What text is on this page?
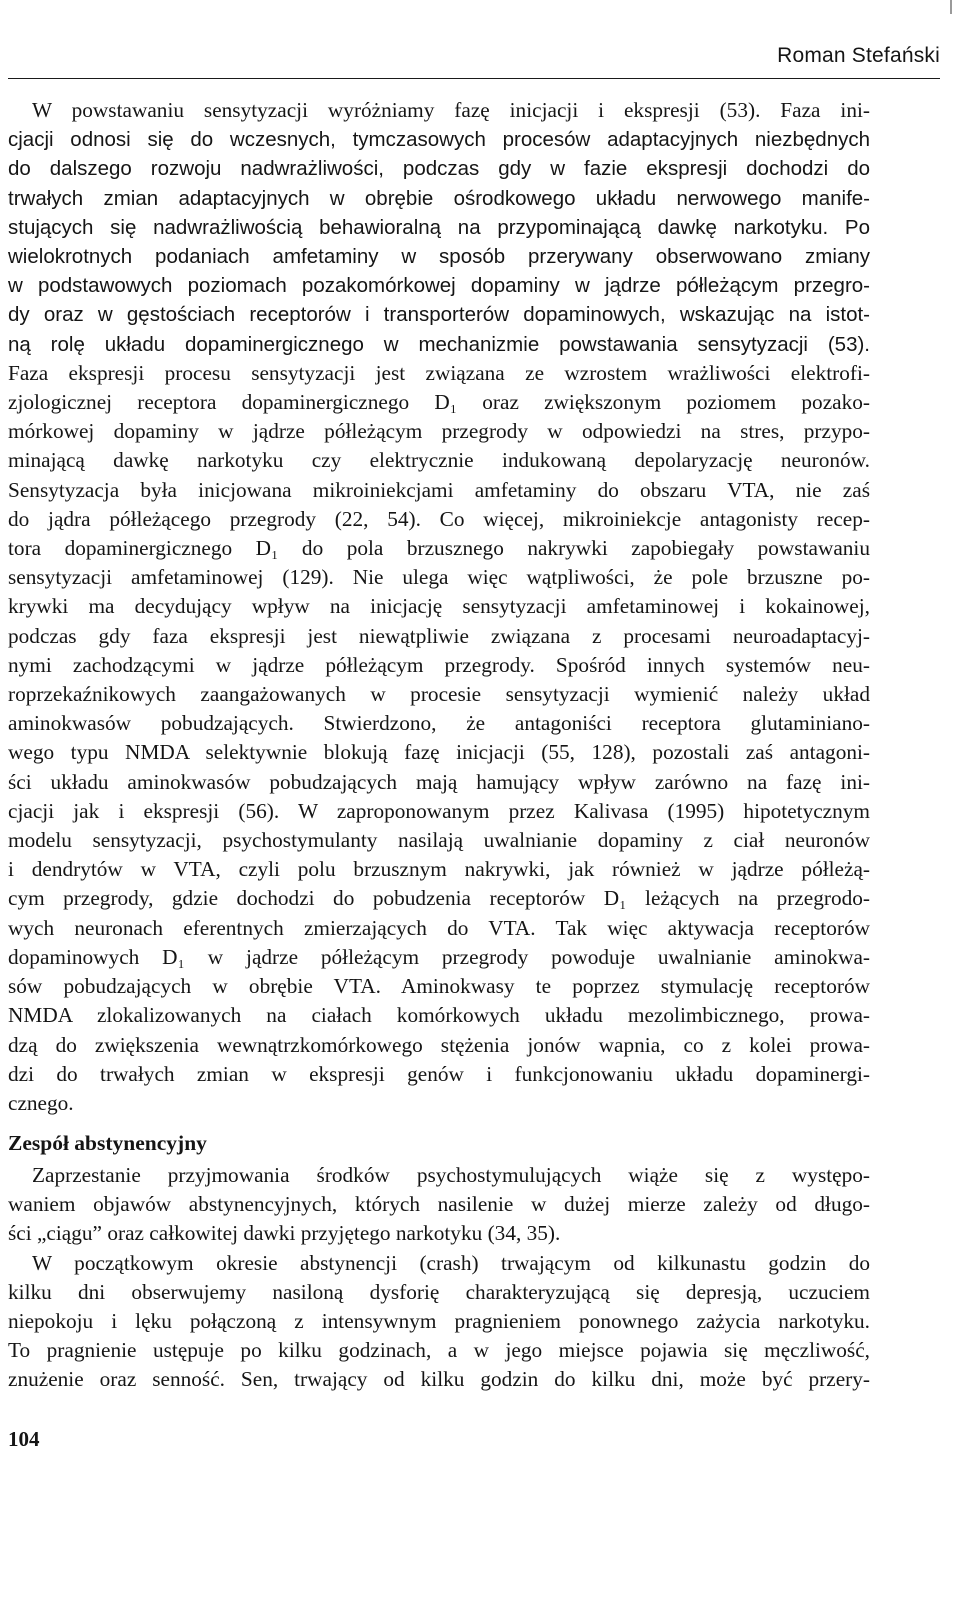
Roman Stefański
W powstawaniu sensytyzacji wyróżniamy fazę inicjacji i ekspresji (53). Faza ini-
cjacji odnosi się do wczesnych, tymczasowych procesów adaptacyjnych niezbędnych
do dalszego rozwoju nadwrażliwości, podczas gdy w fazie ekspresji dochodzi do
trwałych zmian adaptacyjnych w obrębie ośrodkowego układu nerwowego manife-
stujących się nadwrażliwością behawioralną na przypominającą dawkę narkotyku. Po
wielokrotnych podaniach amfetaminy w sposób przerywany obserwowano zmiany
w podstawowych poziomach pozakomórkowej dopaminy w jądrze półleżącym przegro-
dy oraz w gęstościach receptorów i transporterów dopaminowych, wskazując na istot-
ną rolę układu dopaminergicznego w mechanizmie powstawania sensytyzacji (53).
Faza ekspresji procesu sensytyzacji jest związana ze wzrostem wrażliwości elektrofi-
zjologicznej receptora dopaminergicznego D₁ oraz zwiększonym poziomem pozako-
mórkowej dopaminy w jądrze półleżącym przegrody w odpowiedzi na stres, przypo-
minającą dawkę narkotyku czy elektrycznie indukowaną depolaryzację neuronów.
Sensytyzacja była inicjowana mikroiniekcjami amfetaminy do obszaru VTA, nie zaś
do jądra półleżącego przegrody (22, 54). Co więcej, mikroiniekcje antagonisty recep-
tora dopaminergicznego D₁ do pola brzusznego nakrywki zapobiegały powstawaniu
sensytyzacji amfetaminowej (129). Nie ulega więc wątpliwości, że pole brzuszne po-
krywki ma decydujący wpływ na inicjację sensytyzacji amfetaminowej i kokainowej,
podczas gdy faza ekspresji jest niewątpliwie związana z procesami neuroadaptacyj-
nymi zachodzącymi w jądrze półleżącym przegrody. Spośród innych systemów neu-
roprzekaźnikowych zaangażowanych w procesie sensytyzacji wymienić należy układ
aminokwasów pobudzających. Stwierdzono, że antagoniści receptora glutaminiano-
wego typu NMDA selektywnie blokują fazę inicjacji (55, 128), pozostali zaś antagoni-
ści układu aminokwasów pobudzających mają hamujący wpływ zarówno na fazę ini-
cjacji jak i ekspresji (56). W zaproponowanym przez Kalivasa (1995) hipotetycznym
modelu sensytyzacji, psychostymulanty nasilają uwalnianie dopaminy z ciał neuronów
i dendrytów w VTA, czyli polu brzusznym nakrywki, jak również w jądrze półleżą-
cym przegrody, gdzie dochodzi do pobudzenia receptorów D₁ leżących na przegrodo-
wych neuronach eferentnych zmierzających do VTA. Tak więc aktywacja receptorów
dopaminowych D₁ w jądrze półleżącym przegrody powoduje uwalnianie aminokwa-
sów pobudzających w obrębie VTA. Aminokwasy te poprzez stymulację receptorów
NMDA zlokalizowanych na ciałach komórkowych układu mezolimbicznego, prowa-
dzą do zwiększenia wewnątrzkomórkowego stężenia jonów wapnia, co z kolei prowa-
dzi do trwałych zmian w ekspresji genów i funkcjonowaniu układu dopaminergi-
cznego.
Zespół abstynencyjny
Zaprzestanie przyjmowania środków psychostymulujących wiąże się z występo-
waniem objawów abstynencyjnych, których nasilenie w dużej mierze zależy od długo-
ści „ciągu” oraz całkowitej dawki przyjętego narkotyku (34, 35).
W początkowym okresie abstynencji (crash) trwającym od kilkunastu godzin do
kilku dni obserwujemy nasiloną dysforię charakteryzującą się depresją, uczuciem
niepokoju i lęku połączoną z intensywnym pragnieniem ponownego zażycia narkotyku.
To pragnienie ustępuje po kilku godzinach, a w jego miejsce pojawia się męczliwość,
znużenie oraz senność. Sen, trwający od kilku godzin do kilku dni, może być przery-
104
